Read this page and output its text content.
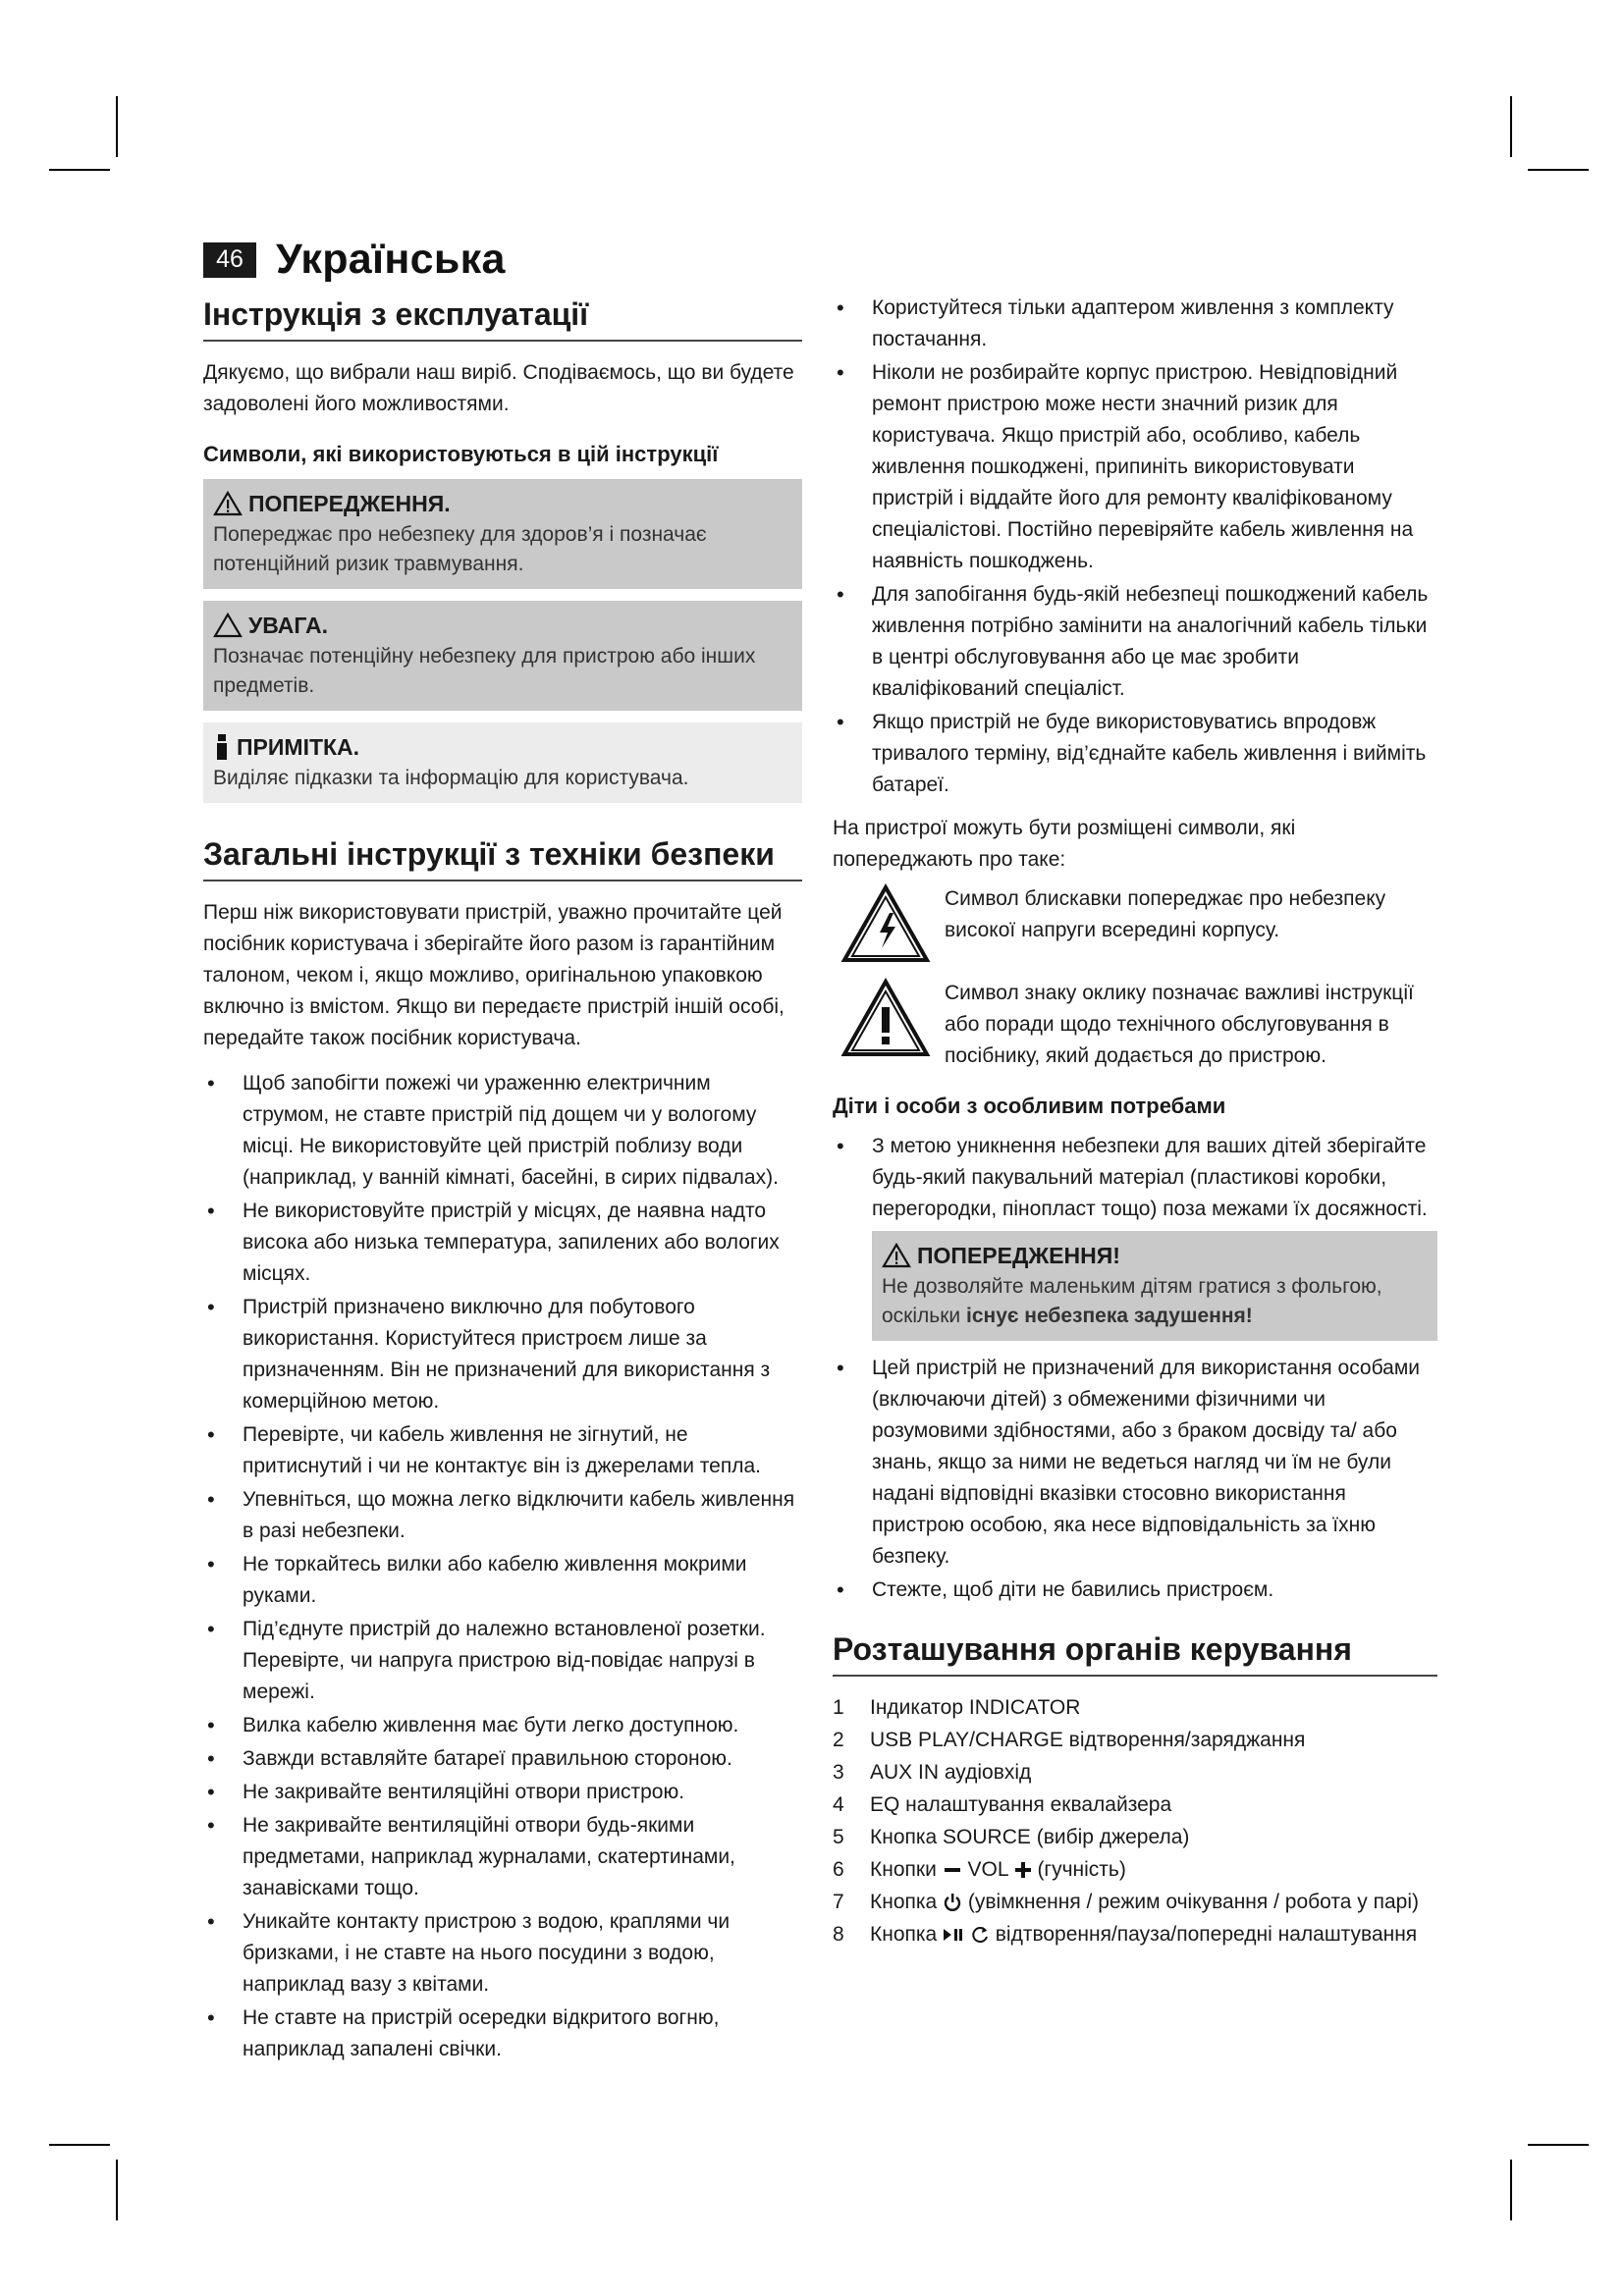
46 Українська
Інструкція з експлуатації

Дякуємо, що вибрали наш виріб. Сподіваємось, що ви будете задоволені його можливостями.

Символи, які використовуються в цій інструкції
ПОПЕРЕДЖЕННЯ.
Попереджає про небезпеку для здоров’я і позначає потенційний ризик травмування.
УВАГА.
Позначає потенційну небезпеку для пристрою або інших предметів.
ПРИМІТКА.
Виділяє підказки та інформацію для користувача.
Загальні інструкції з техніки безпеки

Перш ніж використовувати пристрій, уважно прочитайте цей посібник користувача і зберігайте його разом із гарантійним талоном, чеком і, якщо можливо, оригінальною упаковкою включно із вмістом. Якщо ви передаєте пристрій іншій особі, передайте також посібник користувача.

• Щоб запобігти пожежі чи ураженню електричним струмом, не ставте пристрій під дощем чи у вологому місці. Не використовуйте цей пристрій поблизу води (наприклад, у ванній кімнаті, басейні, в сирих підвалах).
• Не використовуйте пристрій у місцях, де наявна надто висока або низька температура, запилених або вологих місцях.
• Пристрій призначено виключно для побутового використання. Користуйтеся пристроєм лише за призначенням. Він не призначений для використання з комерційною метою.
• Перевірте, чи кабель живлення не зігнутий, не притиснутий і чи не контактує він із джерелами тепла.
• Упевніться, що можна легко відключити кабель живлення в разі небезпеки.
• Не торкайтесь вилки або кабелю живлення мокрими руками.
• Під’єднуте пристрій до належно встановленої розетки. Перевірте, чи напруга пристрою від-повідає напрузі в мережі.
• Вилка кабелю живлення має бути легко доступною.
• Завжди вставляйте батареї правильною стороною.
• Не закривайте вентиляційні отвори пристрою.
• Не закривайте вентиляційні отвори будь-якими предметами, наприклад журналами, скатертинами, занавісками тощо.
• Уникайте контакту пристрою з водою, краплями чи бризками, і не ставте на нього посудини з водою, наприклад вазу з квітами.
• Не ставте на пристрій осередки відкритого вогню, наприклад запалені свічки.
• Користуйтеся тільки адаптером живлення з комплекту постачання.
• Ніколи не розбирайте корпус пристрою. Невідповідний ремонт пристрою може нести значний ризик для користувача. Якщо пристрій або, особливо, кабель живлення пошкоджені, припиніть використовувати пристрій і віддайте його для ремонту кваліфікованому спеціалістові. Постійно перевіряйте кабель живлення на наявність пошкоджень.
• Для запобігання будь-якій небезпеці пошкоджений кабель живлення потрібно замінити на аналогічний кабель тільки в центрі обслуговування або це має зробити кваліфікований спеціаліст.
• Якщо пристрій не буде використовуватись впродовж тривалого терміну, від’єднайте кабель живлення і вийміть батареї.

На пристрої можуть бути розміщені символи, які попереджають про таке:

Символ блискавки попереджає про небезпеку високої напруги всередині корпусу.
Символ знаку оклику позначає важливі інструкції або поради щодо технічного обслуговування в посібнику, який додається до пристрою.
Діти і особи з особливим потребами
• З метою уникнення небезпеки для ваших дітей зберігайте будь-який пакувальний матеріал (пластикові коробки, перегородки, пінопласт тощо) поза межами їх досяжності.
ПОПЕРЕДЖЕННЯ!
Не дозволяйте маленьким дітям гратися з фольгою, оскільки існує небезпека задушення!
• Цей пристрій не призначений для використання особами (включаючи дітей) з обмеженими фізичними чи розумовими здібностями, або з браком досвіду та/ або знань, якщо за ними не ведеться нагляд чи їм не були надані відповідні вказівки стосовно використання пристрою особою, яка несе відповідальність за їхню безпеку.
• Стежте, щоб діти не бавились пристроєм.
Розташування органів керування
1	Індикатор INDICATOR
2	USB PLAY/CHARGE відтворення/заряджання
3	AUX IN аудіовхід
4	EQ налаштування еквалайзера
5	Кнопка SOURCE (вибір джерела)
6	Кнопки VOL (гучність)
7	Кнопка (увімкнення / режим очікування / робота у парі)
8	Кнопка	відтворення/пауза/попередні налаштування
